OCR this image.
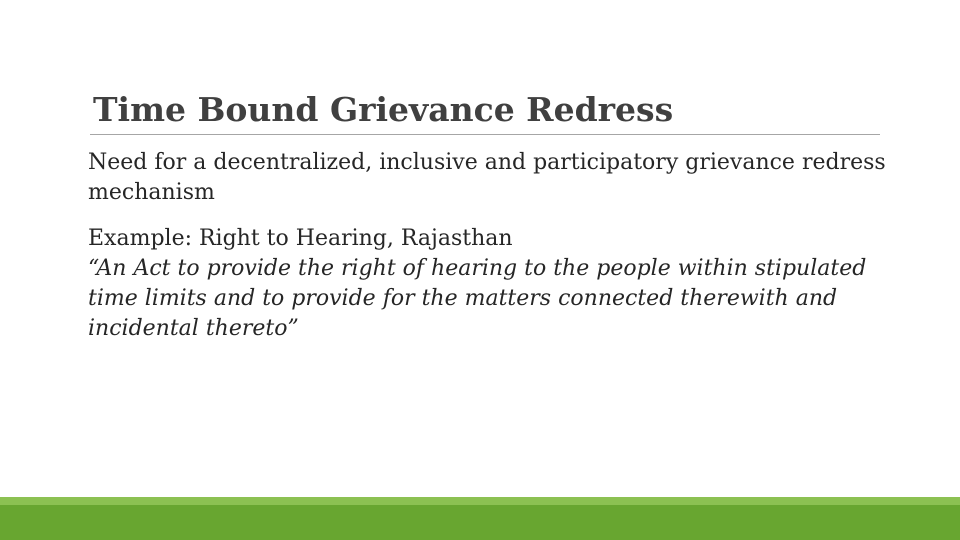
Time Bound Grievance Redress

Need for a decentralized, inclusive and participatory grievance redress mechanism

Example: Right to Hearing, Rajasthan
“An Act to provide the right of hearing to the people within stipulated time limits and to provide for the matters connected therewith and incidental thereto”
